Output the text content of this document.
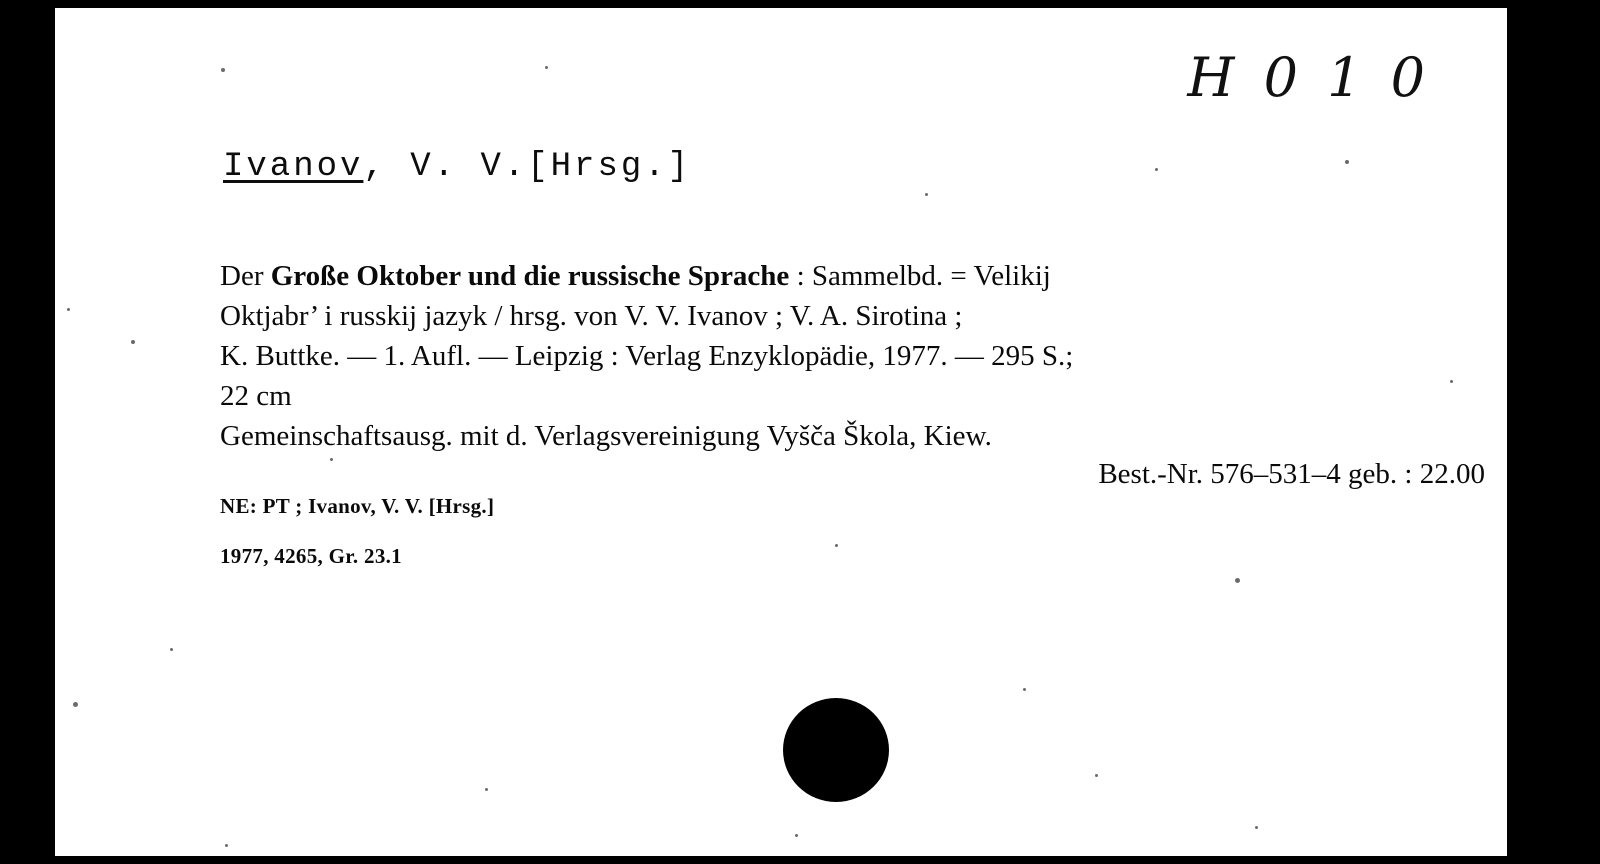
H 0 1 0
Ivanov, V. V.[Hrsg.]
Der Große Oktober und die russische Sprache : Sammelbd. = Velikij
Oktjabr’ i russkij jazyk / hrsg. von V. V. Ivanov ; V. A. Sirotina ;
K. Buttke. — 1. Aufl. — Leipzig : Verlag Enzyklopädie, 1977. — 295 S.;
22 cm
Gemeinschaftsausg. mit d. Verlagsvereinigung Vyšča Škola, Kiew.
Best.-Nr. 576–531–4 geb. : 22.00
NE: PT ; Ivanov, V. V. [Hrsg.]
1977, 4265, Gr. 23.1
